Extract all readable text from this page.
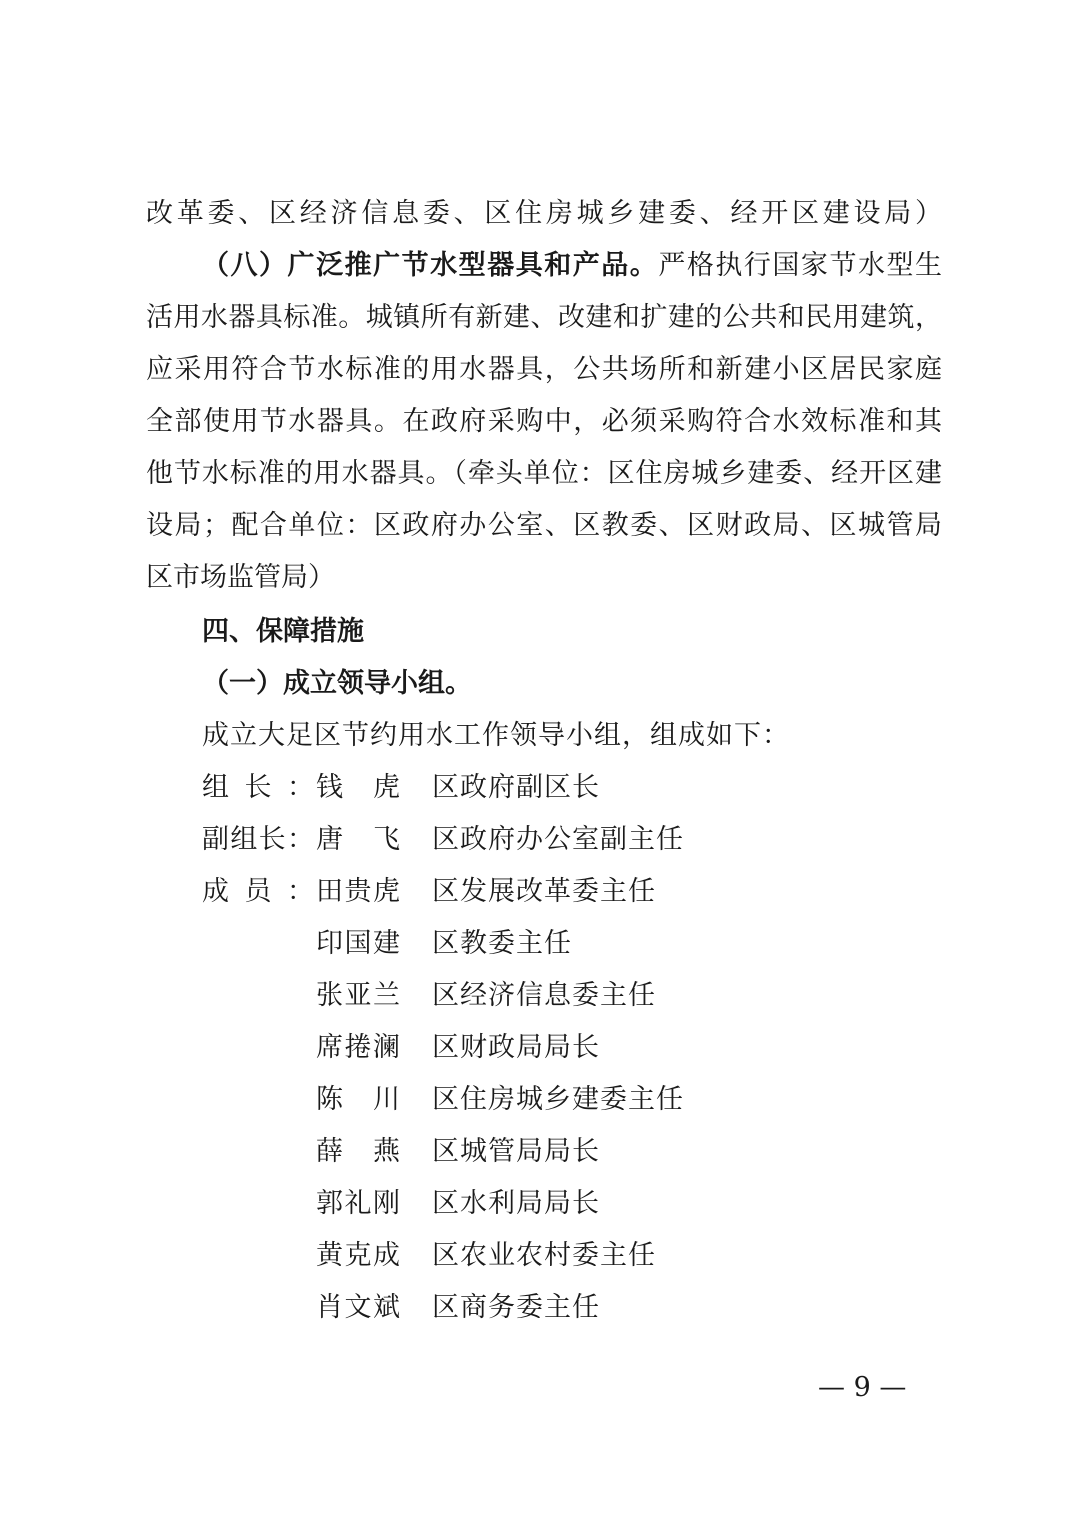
改革委、区经济信息委、区住房城乡建委、经开区建设局）
（八）广泛推广节水型器具和产品。严格执行国家节水型生
活用水器具标准。城镇所有新建、改建和扩建的公共和民用建筑，
应采用符合节水标准的用水器具，公共场所和新建小区居民家庭
全部使用节水器具。在政府采购中，必须采购符合水效标准和其
他节水标准的用水器具。（牵头单位：区住房城乡建委、经开区建
设局；配合单位：区政府办公室、区教委、区财政局、区城管局
区市场监管局）
四、保障措施
（一）成立领导小组。
成立大足区节约用水工作领导小组，组成如下：
组长： 钱虎 区政府副区长
副组长： 唐飞 区政府办公室副主任
成员： 田贵虎 区发展改革委主任
印国建 区教委主任
张亚兰 区经济信息委主任
席捲澜 区财政局局长
陈川 区住房城乡建委主任
薛燕 区城管局局长
郭礼刚 区水利局局长
黄克成 区农业农村委主任
肖文斌 区商务委主任
— 9 —
